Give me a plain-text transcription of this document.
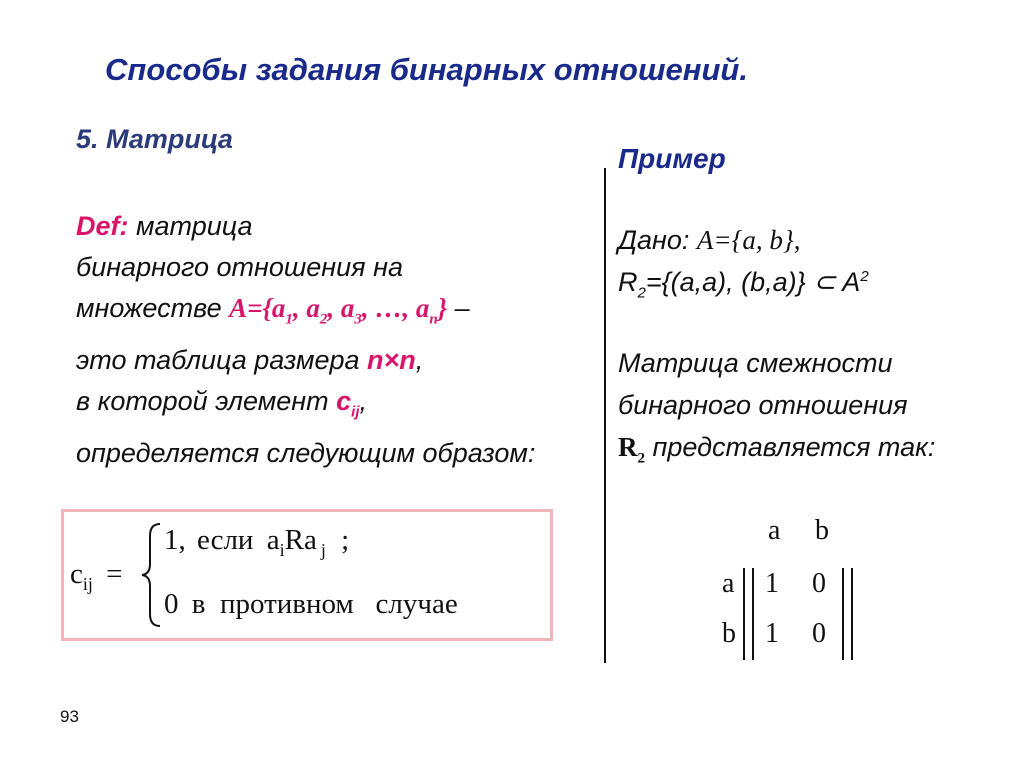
Способы задания бинарных отношений.
5. Матрица
Def: матрица
бинарного отношения на
множестве $A=\{a_1$, $a_2$, $a_3$, …, $a_n$} –
это таблица размера n×n,
в которой элемент $c_{ij}$,
определяется следующим образом:
Пример
Дано: A={a, b},
$R_2=\{(a,a)$, (b,a)} ⊂ $A^2$
Матрица смежности
бинарного отношения
$R_2$ представляется так:
$c_{ij}$ =
1, если $a_iRa$ $_j$ ;
0 в  противном   случае
a b
a
b
1 0
1 0
93
